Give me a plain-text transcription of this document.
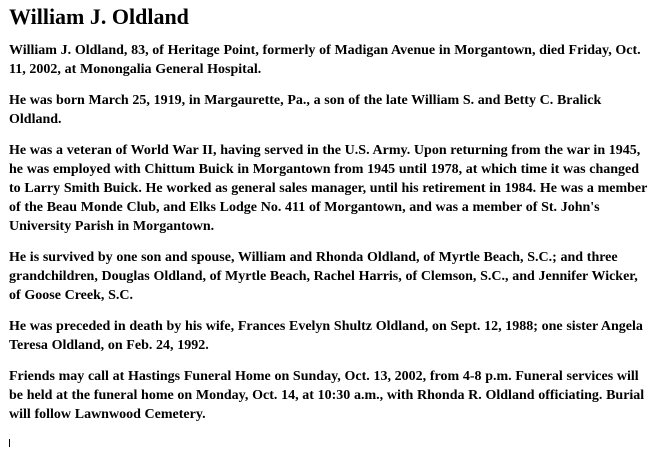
William J. Oldland

William J. Oldland, 83, of Heritage Point, formerly of Madigan Avenue in Morgantown, died Friday, Oct. 11, 2002, at Monongalia General Hospital.

He was born March 25, 1919, in Margaurette, Pa., a son of the late William S. and Betty C. Bralick Oldland.

He was a veteran of World War II, having served in the U.S. Army. Upon returning from the war in 1945, he was employed with Chittum Buick in Morgantown from 1945 until 1978, at which time it was changed to Larry Smith Buick. He worked as general sales manager, until his retirement in 1984. He was a member of the Beau Monde Club, and Elks Lodge No. 411 of Morgantown, and was a member of St. John's University Parish in Morgantown.

He is survived by one son and spouse, William and Rhonda Oldland, of Myrtle Beach, S.C.; and three grandchildren, Douglas Oldland, of Myrtle Beach, Rachel Harris, of Clemson, S.C., and Jennifer Wicker, of Goose Creek, S.C.

He was preceded in death by his wife, Frances Evelyn Shultz Oldland, on Sept. 12, 1988; one sister Angela Teresa Oldland, on Feb. 24, 1992.

Friends may call at Hastings Funeral Home on Sunday, Oct. 13, 2002, from 4-8 p.m. Funeral services will be held at the funeral home on Monday, Oct. 14, at 10:30 a.m., with Rhonda R. Oldland officiating. Burial will follow Lawnwood Cemetery.
